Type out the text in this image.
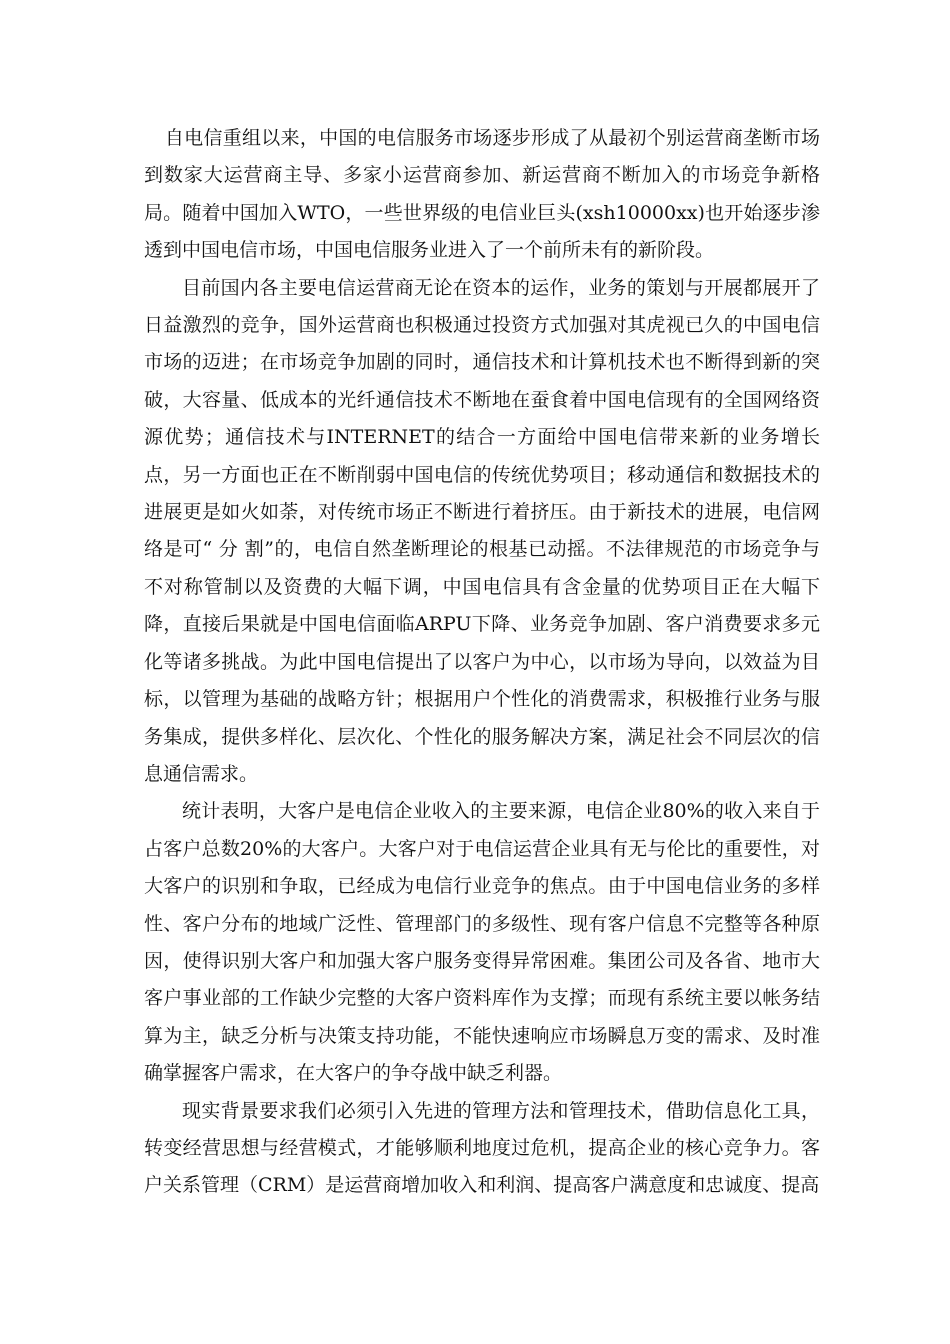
自电信重组以来，中国的电信服务市场逐步形成了从最初个别运营商垄断市场到数家大运营商主导、多家小运营商参加、新运营商不断加入的市场竞争新格局。随着中国加入WTO，一些世界级的电信业巨头(xsh10000xx)也开始逐步渗透到中国电信市场，中国电信服务业进入了一个前所未有的新阶段。

目前国内各主要电信运营商无论在资本的运作，业务的策划与开展都展开了日益激烈的竞争，国外运营商也积极通过投资方式加强对其虎视已久的中国电信市场的迈进；在市场竞争加剧的同时，通信技术和计算机技术也不断得到新的突破，大容量、低成本的光纤通信技术不断地在蚕食着中国电信现有的全国网络资源优势；通信技术与INTERNET的结合一方面给中国电信带来新的业务增长点，另一方面也正在不断削弱中国电信的传统优势项目；移动通信和数据技术的进展更是如火如荼，对传统市场正不断进行着挤压。由于新技术的进展，电信网络是可“ 分 割”的，电信自然垄断理论的根基已动摇。不法律规范的市场竞争与不对称管制以及资费的大幅下调，中国电信具有含金量的优势项目正在大幅下降，直接后果就是中国电信面临ARPU下降、业务竞争加剧、客户消费要求多元化等诸多挑战。为此中国电信提出了以客户为中心，以市场为导向，以效益为目标，以管理为基础的战略方针；根据用户个性化的消费需求，积极推行业务与服务集成，提供多样化、层次化、个性化的服务解决方案，满足社会不同层次的信息通信需求。

统计表明，大客户是电信企业收入的主要来源，电信企业80%的收入来自于占客户总数20%的大客户。大客户对于电信运营企业具有无与伦比的重要性，对大客户的识别和争取，已经成为电信行业竞争的焦点。由于中国电信业务的多样性、客户分布的地域广泛性、管理部门的多级性、现有客户信息不完整等各种原因，使得识别大客户和加强大客户服务变得异常困难。集团公司及各省、地市大客户事业部的工作缺少完整的大客户资料库作为支撑；而现有系统主要以帐务结算为主，缺乏分析与决策支持功能，不能快速响应市场瞬息万变的需求、及时准确掌握客户需求，在大客户的争夺战中缺乏利器。

现实背景要求我们必须引入先进的管理方法和管理技术，借助信息化工具，转变经营思想与经营模式，才能够顺利地度过危机，提高企业的核心竞争力。客户关系管理（CRM）是运营商增加收入和利润、提高客户满意度和忠诚度、提高
